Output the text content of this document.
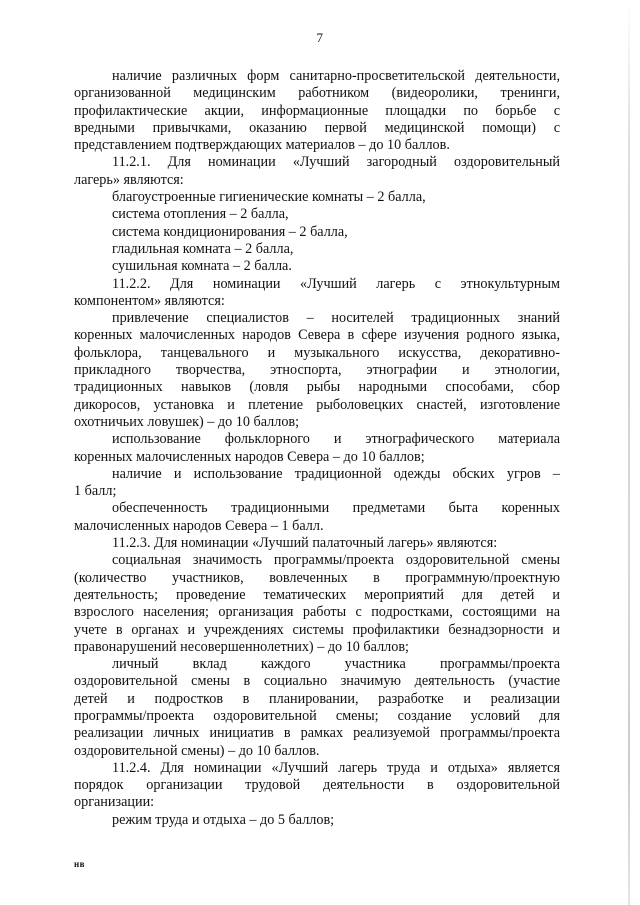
7
наличие различных форм санитарно-просветительской деятельности,
организованной медицинским работником (видеоролики, тренинги,
профилактические акции, информационные площадки по борьбе с
вредными привычками, оказанию первой медицинской помощи) с
представлением подтверждающих материалов – до 10 баллов.
11.2.1. Для номинации «Лучший загородный оздоровительный
лагерь» являются:
благоустроенные гигиенические комнаты – 2 балла,
система отопления – 2 балла,
система кондиционирования – 2 балла,
гладильная комната – 2 балла,
сушильная комната – 2 балла.
11.2.2. Для номинации «Лучший лагерь с этнокультурным
компонентом» являются:
привлечение специалистов – носителей традиционных знаний
коренных малочисленных народов Севера в сфере изучения родного языка,
фольклора, танцевального и музыкального искусства, декоративно-
прикладного творчества, этноспорта, этнографии и этнологии,
традиционных навыков (ловля рыбы народными способами, сбор
дикоросов, установка и плетение рыболовецких снастей, изготовление
охотничьих ловушек) – до 10 баллов;
использование фольклорного и этнографического материала
коренных малочисленных народов Севера – до 10 баллов;
наличие и использование традиционной одежды обских угров –
1 балл;
обеспеченность традиционными предметами быта коренных
малочисленных народов Севера – 1 балл.
11.2.3. Для номинации «Лучший палаточный лагерь» являются:
социальная значимость программы/проекта оздоровительной смены
(количество участников, вовлеченных в программную/проектную
деятельность; проведение тематических мероприятий для детей и
взрослого населения; организация работы с подростками, состоящими на
учете в органах и учреждениях системы профилактики безнадзорности и
правонарушений несовершеннолетних) – до 10 баллов;
личный вклад каждого участника программы/проекта
оздоровительной смены в социально значимую деятельность (участие
детей и подростков в планировании, разработке и реализации
программы/проекта оздоровительной смены; создание условий для
реализации личных инициатив в рамках реализуемой программы/проекта
оздоровительной смены) – до 10 баллов.
11.2.4. Для номинации «Лучший лагерь труда и отдыха» является
порядок организации трудовой деятельности в оздоровительной
организации:
режим труда и отдыха – до 5 баллов;
нв
